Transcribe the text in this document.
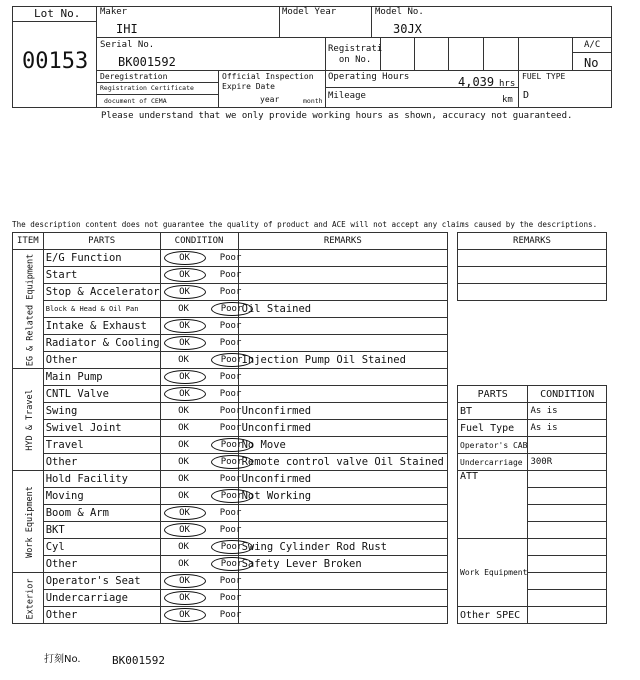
Lot No.
00153
Maker
IHI
Model Year	Model No.
30JX
Serial No.
BK001592
Registrati
on No.
A/C
No
Deregistration
Registration Certificate
document of CEMA
Official Inspection
Expire Date
year	month
Operating Hours	4,039 hrs
Mileage	km
FUEL TYPE
D
Please understand that we only provide working hours as shown, accuracy not guaranteed.
The description content does not guarantee the quality of product and ACE will not accept any claims caused by the descriptions.
ITEM	PARTS	CONDITION	REMARKS

EG & Related Equipment	E/G Function	OK Poor	

	Start	OK Poor	

	Stop & Accelerator	OK Poor	

	Block & Head & Oil Pan	OK Poor	Oil Stained
	Intake & Exhaust	OK Poor	

	Radiator & Cooling	OK Poor	

	Other	OK Poor	Injection Pump Oil Stained

HYD & Travel	Main Pump	OK Poor	

	CNTL Valve	OK Poor	

	Swing	OK Poor	Unconfirmed
	Swivel Joint	OK Poor	Unconfirmed
	Travel	OK Poor	No Move
	Other	OK Poor	Remote control valve Oil Stained

Work Equipment	Hold Facility	OK Poor	Unconfirmed
	Moving	OK Poor	Not Working
	Boom & Arm	OK Poor	

	BKT	OK Poor	

	Cyl	OK Poor	Swing Cylinder Rod Rust
	Other	OK Poor	Safety Lever Broken

Exterior	Operator's Seat	OK Poor	

	Undercarriage	OK Poor	

	Other	OK Poor	

REMARKS

PARTS	CONDITION
BT	As is
Fuel Type	As is
Operator's CAB	
Undercarriage	300R
ATT	

Work Equipment	

Other SPEC	
打刻No.	BK001592
